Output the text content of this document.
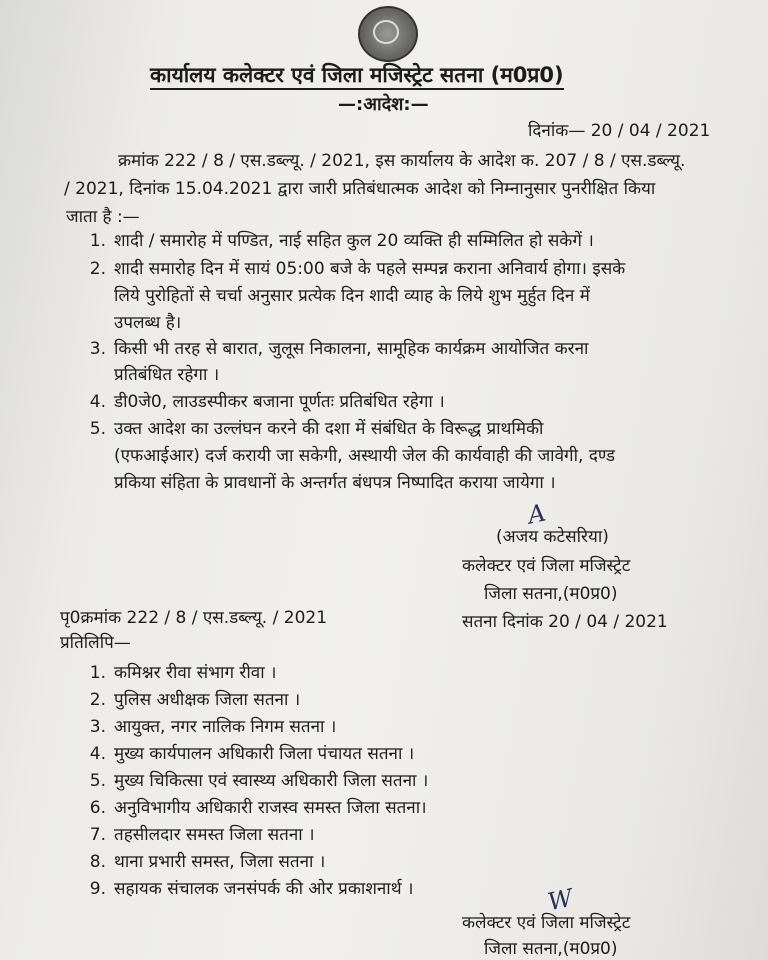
कार्यालय कलेक्टर एवं जिला मजिस्ट्रेट सतना (म0प्र0)
—:आदेश:—
दिनांक— 20 / 04 / 2021
क्रमांक 222 / 8 / एस.डब्ल्यू. / 2021, इस कार्यालय के आदेश क. 207 / 8 / एस.डब्ल्यू.
/ 2021, दिनांक 15.04.2021 द्वारा जारी प्रतिबंधात्मक आदेश को निम्नानुसार पुनरीक्षित किया
जाता है :—
1. शादी / समारोह में पण्डित, नाई सहित कुल 20 व्यक्ति ही सम्मिलित हो सकेगें ।
2. शादी समारोह दिन में सायं 05:00 बजे के पहले सम्पन्न कराना अनिवार्य होगा। इसके
लिये पुरोहितों से चर्चा अनुसार प्रत्येक दिन शादी व्याह के लिये शुभ मुर्हुत दिन में
उपलब्ध है।
3. किसी भी तरह से बारात, जुलूस निकालना, सामूहिक कार्यक्रम आयोजित करना
प्रतिबंधित रहेगा ।
4. डी0जे0, लाउडस्पीकर बजाना पूर्णतः प्रतिबंधित रहेगा ।
5. उक्त आदेश का उल्लंघन करने की दशा में संबंधित के विरूद्ध प्राथमिकी
(एफआईआर) दर्ज करायी जा सकेगी, अस्थायी जेल की कार्यवाही की जावेगी, दण्ड
प्रकिया संहिता के प्रावधानों के अन्तर्गत बंधपत्र निष्पादित कराया जायेगा ।
A
(अजय कटेसरिया)
कलेक्टर एवं जिला मजिस्ट्रेट
जिला सतना,(म0प्र0)
पृ0क्रमांक 222 / 8 / एस.डब्ल्यू. / 2021	सतना दिनांक 20 / 04 / 2021
प्रतिलिपि—
1. कमिश्नर रीवा संभाग रीवा ।
2. पुलिस अधीक्षक जिला सतना ।
3. आयुक्त, नगर नालिक निगम सतना ।
4. मुख्य कार्यपालन अधिकारी जिला पंचायत सतना ।
5. मुख्य चिकित्सा एवं स्वास्थ्य अधिकारी जिला सतना ।
6. अनुविभागीय अधिकारी राजस्व समस्त जिला सतना।
7. तहसीलदार समस्त जिला सतना ।
8. थाना प्रभारी समस्त, जिला सतना ।
9. सहायक संचालक जनसंपर्क की ओर प्रकाशनार्थ ।	W
कलेक्टर एवं जिला मजिस्ट्रेट
जिला सतना,(म0प्र0)
